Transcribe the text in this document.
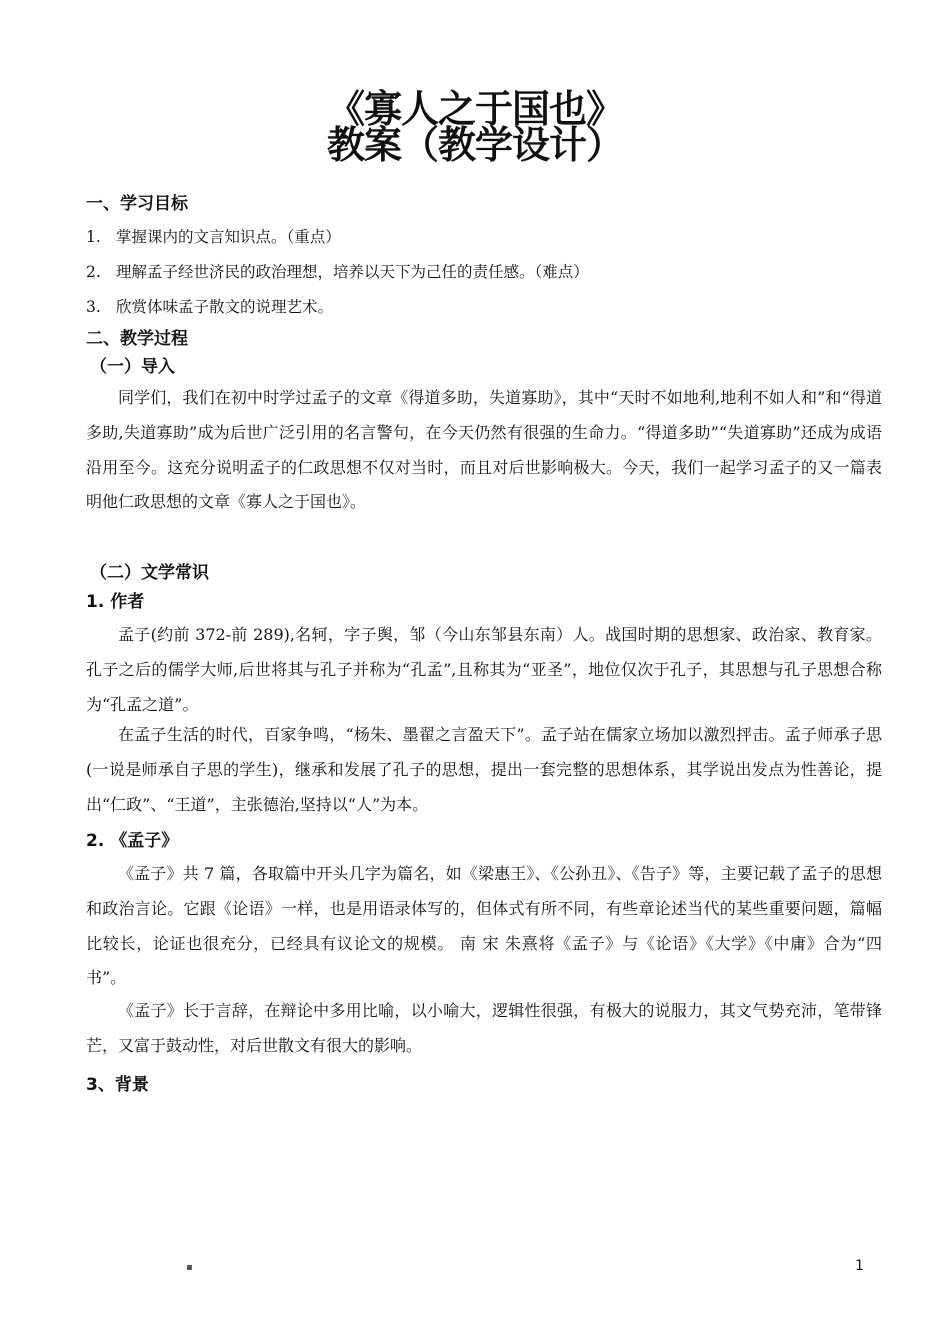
《寡人之于国也》
教案（教学设计）
一、学习目标
1. 掌握课内的文言知识点。（重点）
2. 理解孟子经世济民的政治理想，培养以天下为己任的责任感。（难点）
3. 欣赏体味孟子散文的说理艺术。
二、教学过程
（一）导入

同学们，我们在初中时学过孟子的文章《得道多助，失道寡助》，其中“天时不如地利,地利不如人和”和“得道多助,失道寡助”成为后世广泛引用的名言警句，在今天仍然有很强的生命力。“得道多助”“失道寡助”还成为成语沿用至今。这充分说明孟子的仁政思想不仅对当时，而且对后世影响极大。今天，我们一起学习孟子的又一篇表明他仁政思想的文章《寡人之于国也》。

（二）文学常识
1. 作者

孟子(约前 372-前 289),名轲，字子舆，邹（今山东邹县东南）人。战国时期的思想家、政治家、教育家。孔子之后的儒学大师,后世将其与孔子并称为“孔孟”,且称其为“亚圣”，地位仅次于孔子，其思想与孔子思想合称为“孔孟之道”。

在孟子生活的时代，百家争鸣，“杨朱、墨翟之言盈天下”。孟子站在儒家立场加以激烈抨击。孟子师承子思(一说是师承自子思的学生)，继承和发展了孔子的思想，提出一套完整的思想体系，其学说出发点为性善论，提出“仁政”、“王道”，主张德治,坚持以“人”为本。

2. 《孟子》

《孟子》共 7 篇，各取篇中开头几字为篇名，如《梁惠王》、《公孙丑》、《告子》等，主要记载了孟子的思想和政治言论。它跟《论语》一样，也是用语录体写的，但体式有所不同，有些章论述当代的某些重要问题，篇幅比较长，论证也很充分，已经具有议论文的规模。 南 宋 朱熹将《孟子》与《论语》《大学》《中庸》合为“四书”。

《孟子》长于言辞，在辩论中多用比喻，以小喻大，逻辑性很强，有极大的说服力，其文气势充沛，笔带锋芒，又富于鼓动性，对后世散文有很大的影响。

3、背景
▪	1
